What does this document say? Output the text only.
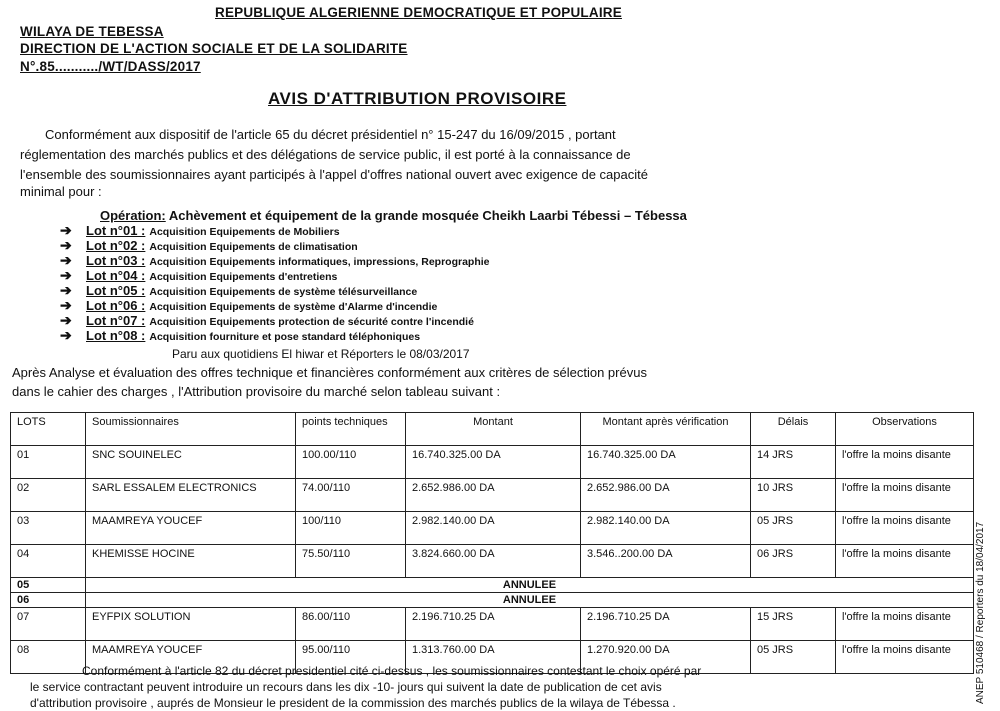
REPUBLIQUE ALGERIENNE DEMOCRATIQUE ET POPULAIRE
WILAYA DE TEBESSA
DIRECTION DE L'ACTION SOCIALE ET DE LA SOLIDARITE
N°.85.........../WT/DASS/2017
AVIS D'ATTRIBUTION PROVISOIRE
Conformément aux dispositif de l'article 65 du décret présidentiel n° 15-247 du 16/09/2015 , portant
réglementation des marchés publics et des délégations de service public, il est porté à la connaissance de
l'ensemble des soumissionnaires ayant participés à l'appel d'offres national ouvert avec exigence de capacité
minimal pour :
Opération: Achèvement et équipement de la grande mosquée Cheikh Laarbi Tébessi – Tébessa
➔	Lot n°01 : Acquisition Equipements de Mobiliers
➔	Lot n°02 : Acquisition Equipements de climatisation
➔	Lot n°03 : Acquisition Equipements informatiques, impressions, Reprographie
➔	Lot n°04 : Acquisition Equipements d'entretiens
➔	Lot n°05 : Acquisition Equipements de système télésurveillance
➔	Lot n°06 : Acquisition Equipements de système d'Alarme d'incendie
➔	Lot n°07 : Acquisition Equipements protection de sécurité contre l'incendié
➔	Lot n°08 : Acquisition fourniture et pose standard téléphoniques
Paru aux quotidiens El hiwar et Réporters le 08/03/2017
Après Analyse et évaluation des offres technique et financières conformément aux critères de sélection prévus
dans le cahier des charges , l'Attribution provisoire du marché selon tableau suivant :
LOTS	Soumissionnaires	points techniques	Montant	Montant après vérification	Délais	Observations
01	SNC SOUINELEC	100.00/110	16.740.325.00 DA	16.740.325.00 DA	14 JRS	l'offre la moins disante
02	SARL ESSALEM ELECTRONICS	74.00/110	2.652.986.00 DA	2.652.986.00 DA	10 JRS	l'offre la moins disante
03	MAAMREYA YOUCEF	100/110	2.982.140.00 DA	2.982.140.00 DA	05 JRS	l'offre la moins disante
04	KHEMISSE HOCINE	75.50/110	3.824.660.00 DA	3.546..200.00 DA	06 JRS	l'offre la moins disante
05	ANNULEE					
06	ANNULEE					
07	EYFPIX SOLUTION	86.00/110	2.196.710.25 DA	2.196.710.25 DA	15 JRS	l'offre la moins disante
08	MAAMREYA YOUCEF	95.00/110	1.313.760.00 DA	1.270.920.00 DA	05 JRS	l'offre la moins disante
Conformément à l'article 82 du décret presidentiel cité ci-dessus , les soumissionnaires contestant le choix opéré par
le service contractant peuvent introduire un recours dans les dix -10- jours qui suivent la date de publication de cet avis
d'attribution provisoire , auprés de Monsieur le president de la commission des marchés publics de la wilaya de Tébessa .	ANEP 510468 / Reporters du 18/04/2017
